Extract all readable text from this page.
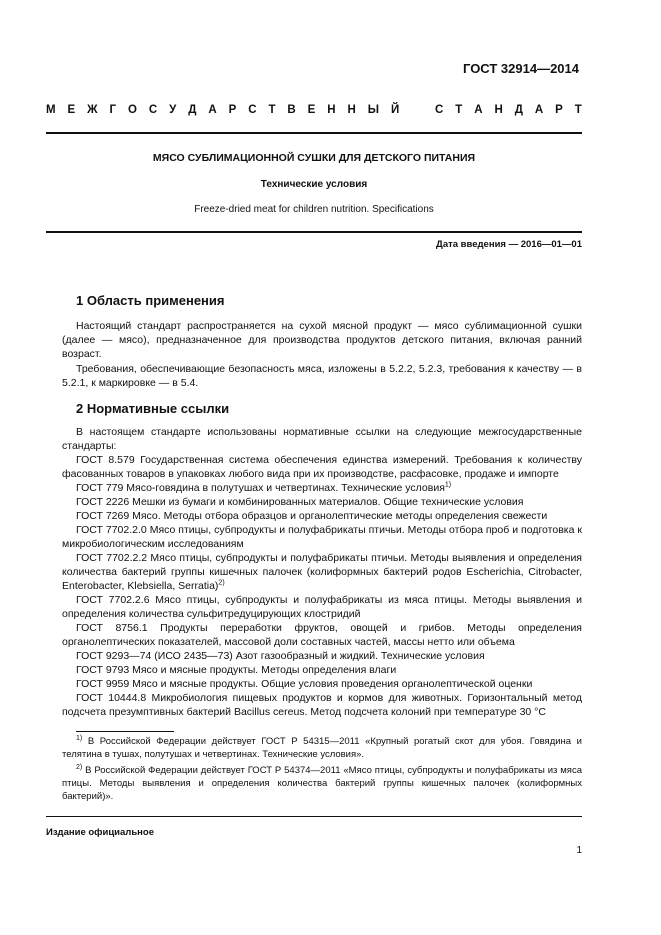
ГОСТ 32914—2014
М Е Ж Г О С У Д А Р С Т В Е Н Н Ы Й	С Т А Н Д А Р Т
МЯСО СУБЛИМАЦИОННОЙ СУШКИ ДЛЯ ДЕТСКОГО ПИТАНИЯ
Технические условия
Freeze-dried meat for children nutrition. Specifications
Дата введения — 2016—01—01
1 Область применения

Настоящий стандарт распространяется на сухой мясной продукт — мясо сублимационной сушки (далее — мясо), предназначенное для производства продуктов детского питания, включая ранний возраст.

Требования, обеспечивающие безопасность мяса, изложены в 5.2.2, 5.2.3, требования к качеству — в 5.2.1, к маркировке — в 5.4.

2 Нормативные ссылки

В настоящем стандарте использованы нормативные ссылки на следующие межгосударственные стандарты:

ГОСТ 8.579 Государственная система обеспечения единства измерений. Требования к количеству фасованных товаров в упаковках любого вида при их производстве, расфасовке, продаже и импорте

ГОСТ 779 Мясо-говядина в полутушах и четвертинах. Технические условия$^{1)}$

ГОСТ 2226 Мешки из бумаги и комбинированных материалов. Общие технические условия

ГОСТ 7269 Мясо. Методы отбора образцов и органолептические методы определения свежести

ГОСТ 7702.2.0 Мясо птицы, субпродукты и полуфабрикаты птичьи. Методы отбора проб и подготовка к микробиологическим исследованиям

ГОСТ 7702.2.2 Мясо птицы, субпродукты и полуфабрикаты птичьи. Методы выявления и определения количества бактерий группы кишечных палочек (колиформных бактерий родов Escherichia, Citrobacter, Enterobacter, Klebsiella, Serratia)$^{2)}$

ГОСТ 7702.2.6 Мясо птицы, субпродукты и полуфабрикаты из мяса птицы. Методы выявления и определения количества сульфитредуцирующих клостридий

ГОСТ 8756.1 Продукты переработки фруктов, овощей и грибов. Методы определения органолептических показателей, массовой доли составных частей, массы нетто или объема

ГОСТ 9293—74 (ИСО 2435—73) Азот газообразный и жидкий. Технические условия

ГОСТ 9793 Мясо и мясные продукты. Методы определения влаги

ГОСТ 9959 Мясо и мясные продукты. Общие условия проведения органолептической оценки

ГОСТ 10444.8 Микробиология пищевых продуктов и кормов для животных. Горизонтальный метод подсчета презумптивных бактерий Bacillus cereus. Метод подсчета колоний при температуре 30 °С

$^{1)}$ В Российской Федерации действует ГОСТ Р 54315—2011 «Крупный рогатый скот для убоя. Говядина и телятина в тушах, полутушах и четвертинах. Технические условия».

$^{2)}$ В Российской Федерации действует ГОСТ Р 54374—2011 «Мясо птицы, субпродукты и полуфабрикаты из мяса птицы. Методы выявления и определения количества бактерий группы кишечных палочек (колиформных бактерий)».

Издание официальное
1
